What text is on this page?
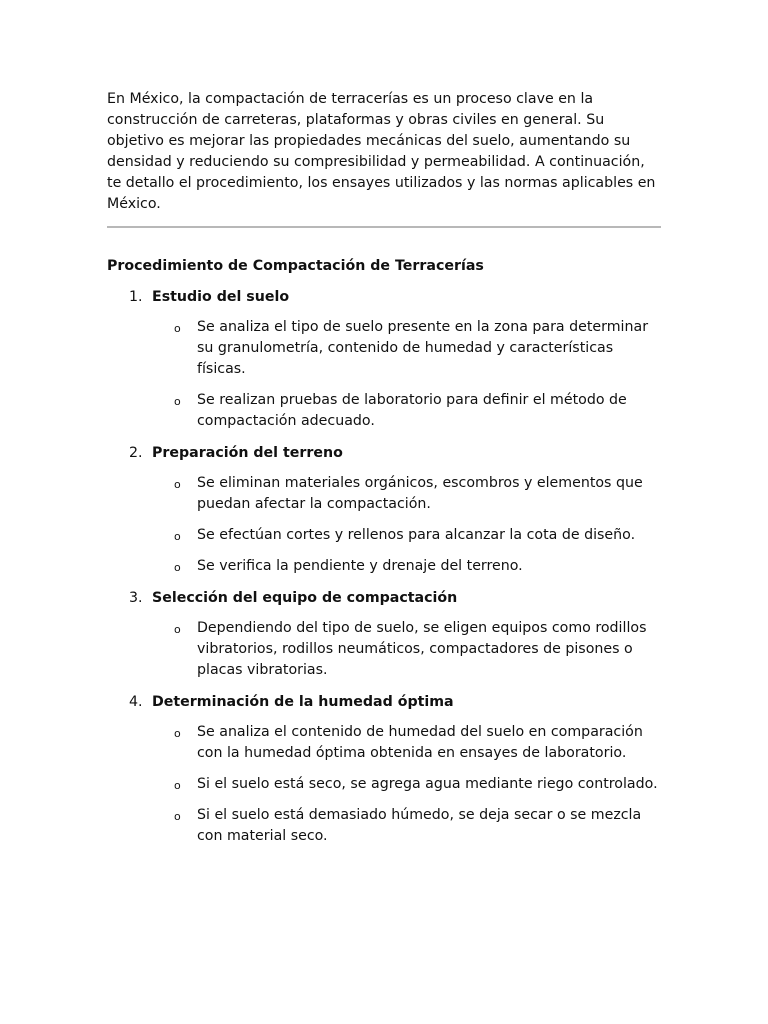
En México, la compactación de terracerías es un proceso clave en la construcción de carreteras, plataformas y obras civiles en general. Su objetivo es mejorar las propiedades mecánicas del suelo, aumentando su densidad y reduciendo su compresibilidad y permeabilidad. A continuación, te detallo el procedimiento, los ensayes utilizados y las normas aplicables en México.

Procedimiento de Compactación de Terracerías
1. Estudio del suelo
o Se analiza el tipo de suelo presente en la zona para determinar su granulometría, contenido de humedad y características físicas.
o Se realizan pruebas de laboratorio para definir el método de compactación adecuado.
2. Preparación del terreno
o Se eliminan materiales orgánicos, escombros y elementos que puedan afectar la compactación.
o Se efectúan cortes y rellenos para alcanzar la cota de diseño.
o Se verifica la pendiente y drenaje del terreno.
3. Selección del equipo de compactación
o Dependiendo del tipo de suelo, se eligen equipos como rodillos vibratorios, rodillos neumáticos, compactadores de pisones o placas vibratorias.
4. Determinación de la humedad óptima
o Se analiza el contenido de humedad del suelo en comparación con la humedad óptima obtenida en ensayes de laboratorio.
o Si el suelo está seco, se agrega agua mediante riego controlado.
o Si el suelo está demasiado húmedo, se deja secar o se mezcla con material seco.
